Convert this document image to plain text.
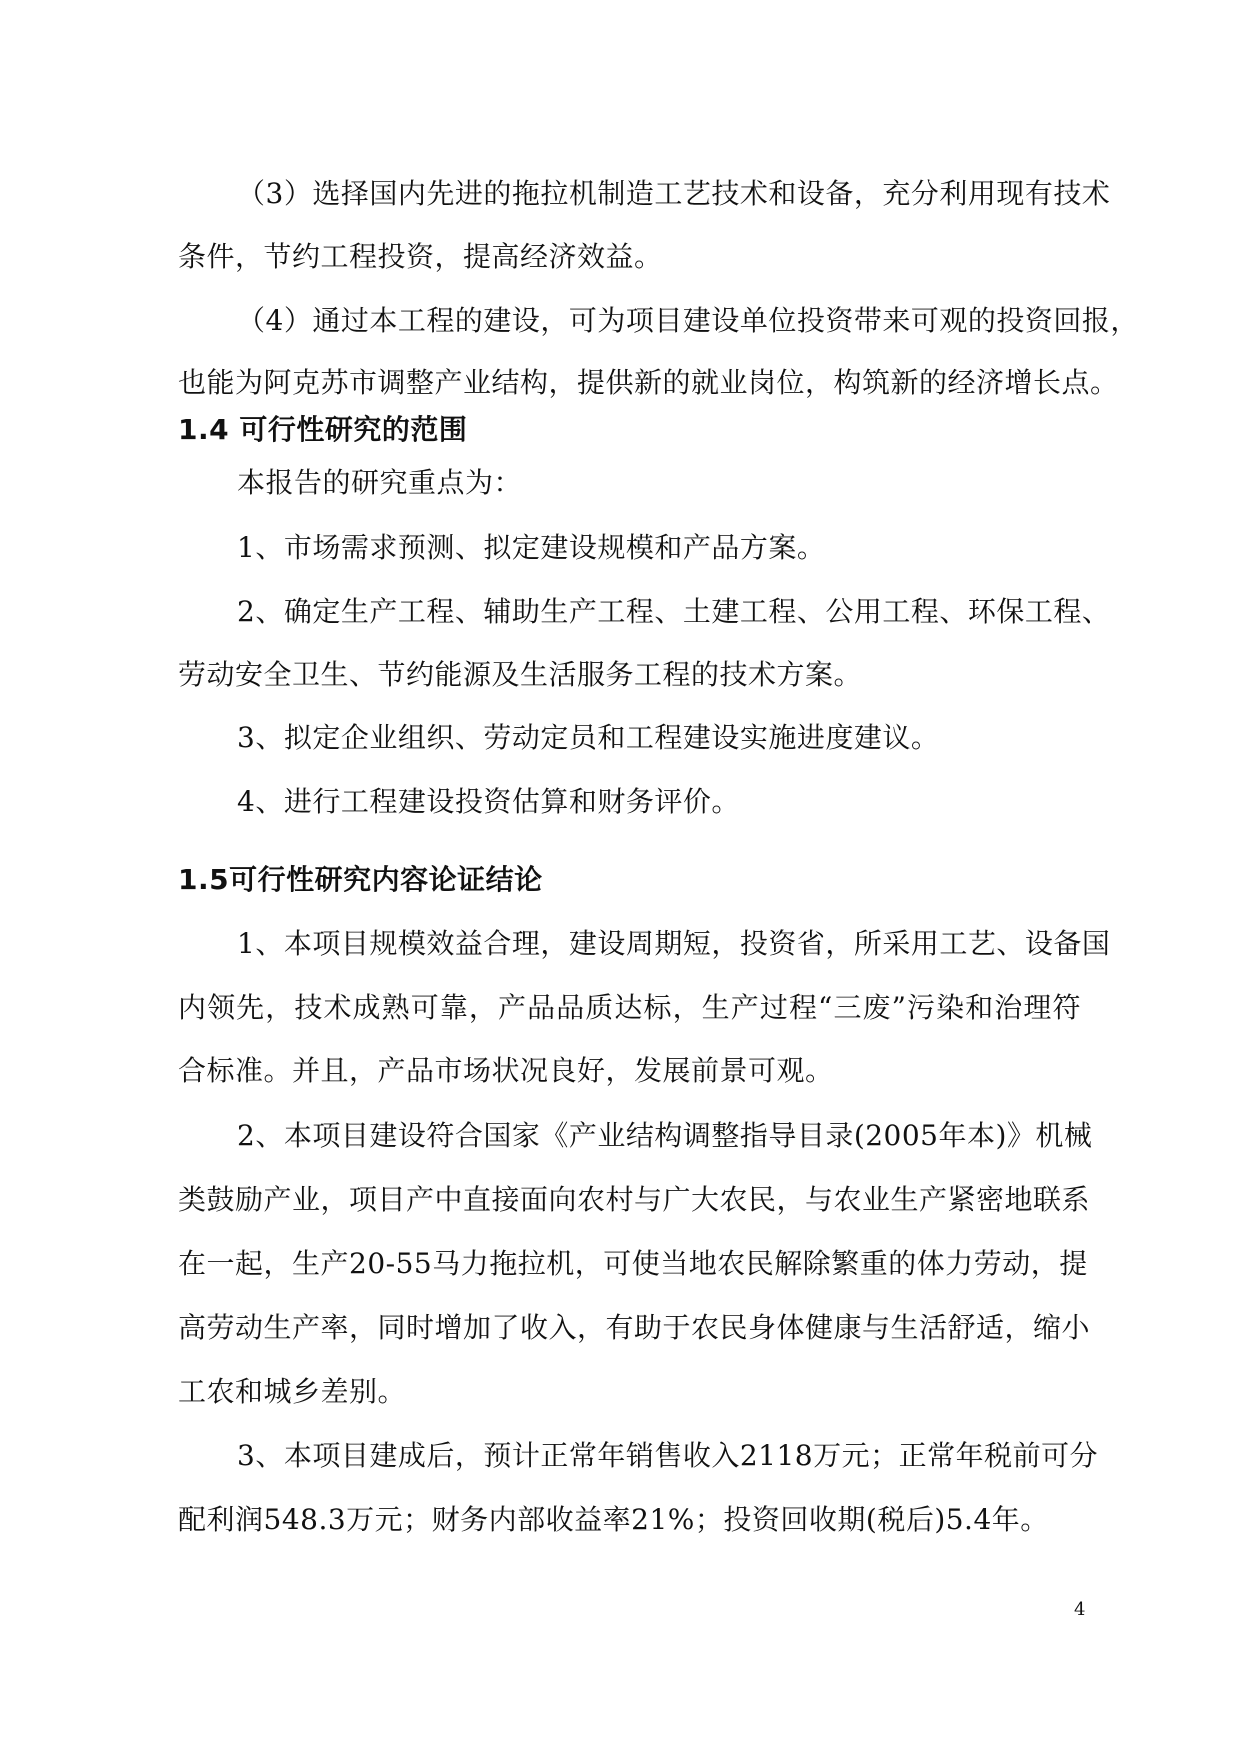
（3）选择国内先进的拖拉机制造工艺技术和设备，充分利用现有技术
条件，节约工程投资，提高经济效益。
（4）通过本工程的建设，可为项目建设单位投资带来可观的投资回报，
也能为阿克苏市调整产业结构，提供新的就业岗位，构筑新的经济增长点。
1.4 可行性研究的范围
本报告的研究重点为：
1、市场需求预测、拟定建设规模和产品方案。
2、确定生产工程、辅助生产工程、土建工程、公用工程、环保工程、
劳动安全卫生、节约能源及生活服务工程的技术方案。
3、拟定企业组织、劳动定员和工程建设实施进度建议。
4、进行工程建设投资估算和财务评价。
1.5可行性研究内容论证结论
1、本项目规模效益合理，建设周期短，投资省，所采用工艺、设备国
内领先，技术成熟可靠，产品品质达标，生产过程“三废”污染和治理符
合标准。并且，产品市场状况良好，发展前景可观。
2、本项目建设符合国家《产业结构调整指导目录(2005年本)》机械
类鼓励产业，项目产中直接面向农村与广大农民，与农业生产紧密地联系
在一起，生产20-55马力拖拉机，可使当地农民解除繁重的体力劳动，提
高劳动生产率，同时增加了收入，有助于农民身体健康与生活舒适，缩小
工农和城乡差别。
3、本项目建成后，预计正常年销售收入2118万元；正常年税前可分
配利润548.3万元；财务内部收益率21%；投资回收期(税后)5.4年。
4
